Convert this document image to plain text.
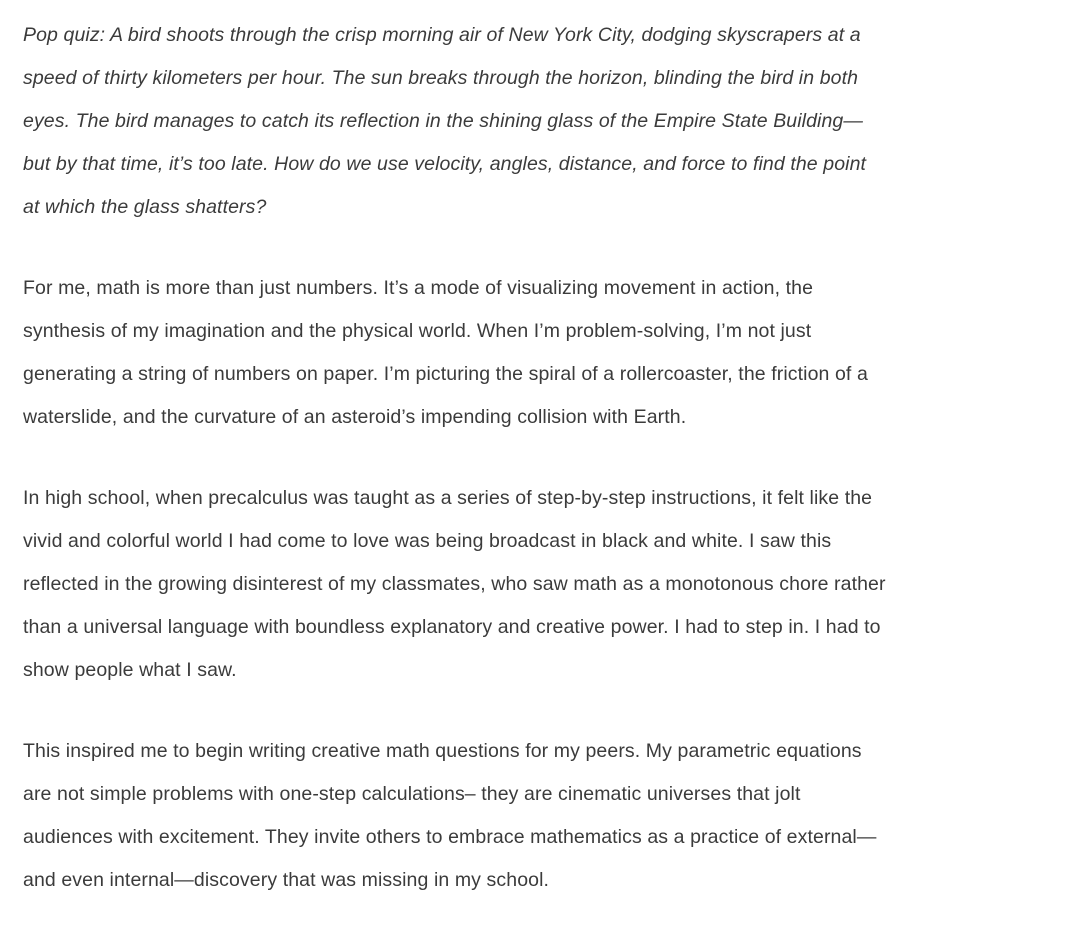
Pop quiz: A bird shoots through the crisp morning air of New York City, dodging skyscrapers at a
speed of thirty kilometers per hour. The sun breaks through the horizon, blinding the bird in both
eyes. The bird manages to catch its reflection in the shining glass of the Empire State Building—
but by that time, it’s too late. How do we use velocity, angles, distance, and force to find the point
at which the glass shatters?

For me, math is more than just numbers. It’s a mode of visualizing movement in action, the
synthesis of my imagination and the physical world. When I’m problem-solving, I’m not just
generating a string of numbers on paper. I’m picturing the spiral of a rollercoaster, the friction of a
waterslide, and the curvature of an asteroid’s impending collision with Earth.

In high school, when precalculus was taught as a series of step-by-step instructions, it felt like the
vivid and colorful world I had come to love was being broadcast in black and white. I saw this
reflected in the growing disinterest of my classmates, who saw math as a monotonous chore rather
than a universal language with boundless explanatory and creative power. I had to step in. I had to
show people what I saw.

This inspired me to begin writing creative math questions for my peers. My parametric equations
are not simple problems with one-step calculations– they are cinematic universes that jolt
audiences with excitement. They invite others to embrace mathematics as a practice of external—
and even internal—discovery that was missing in my school.
